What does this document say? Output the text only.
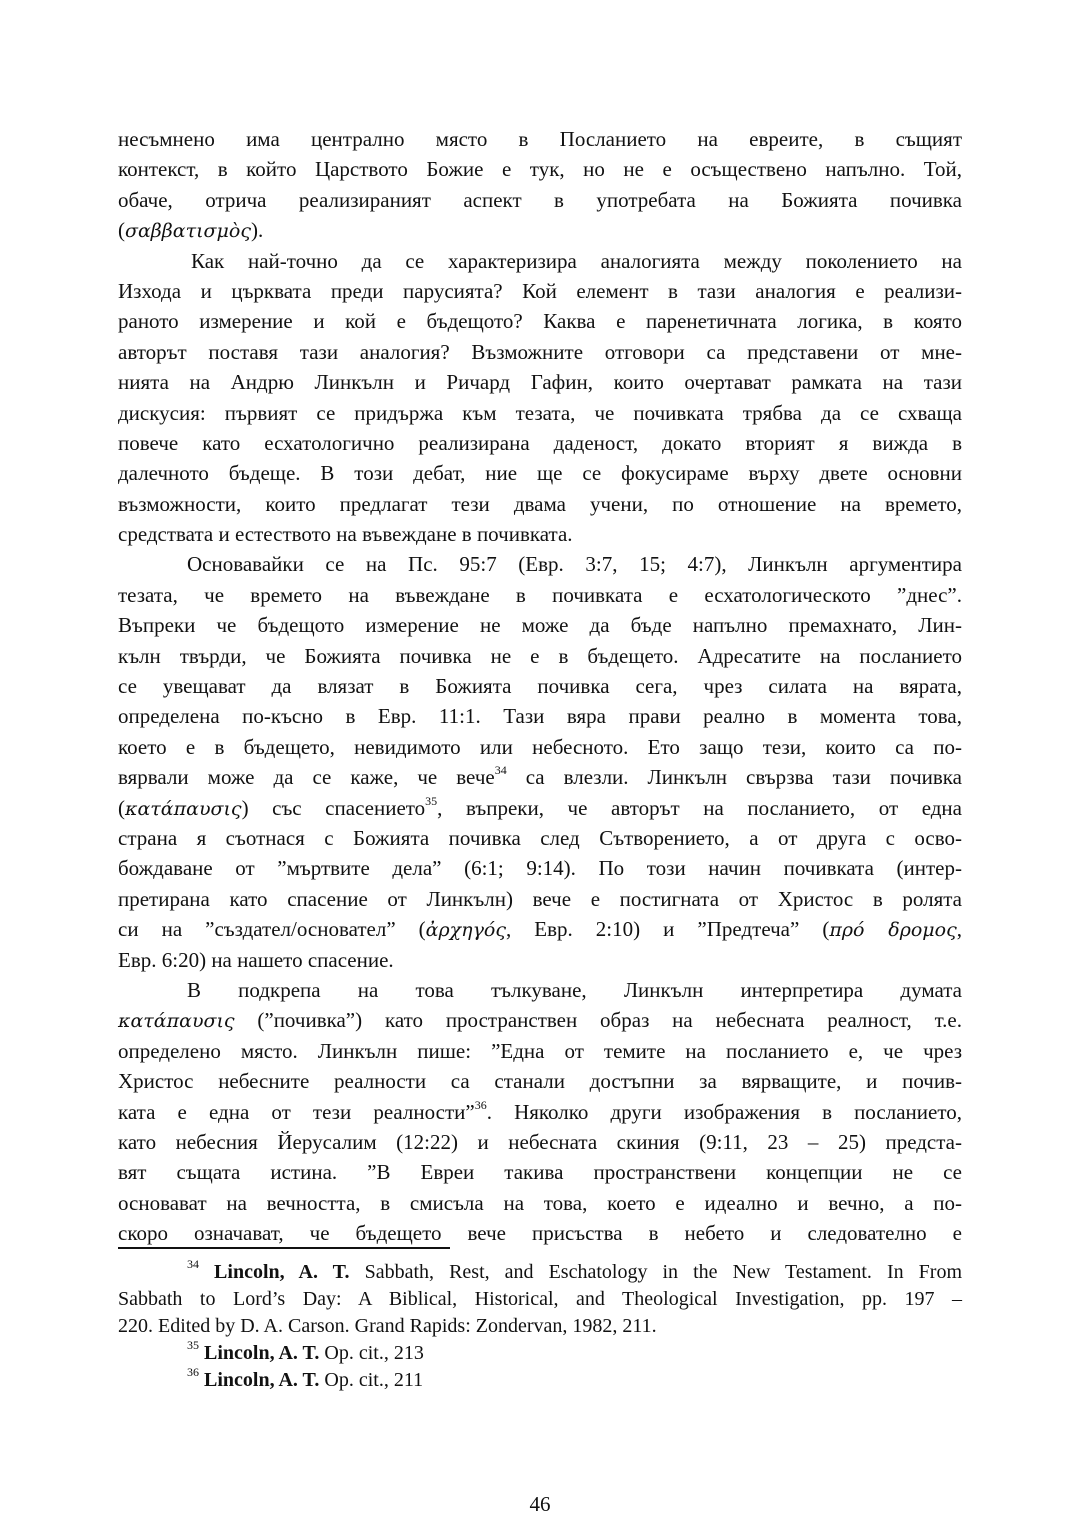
несъмнено има централно място в Посланието на евреите, в същият
контекст, в който Царството Божие е тук, но не е осъществено напълно. Той,
обаче, отрича реализираният аспект в употребата на Божията почивка
(σαββατισμὸς).
Как най-точно да се характеризира аналогията между поколението на
Изхода и църквата преди парусията? Кой елемент в тази аналогия е реализи-
раното измерение и кой е бъдещото? Каква е паренетичната логика, в която
авторът поставя тази аналогия? Възможните отговори са представени от мне-
нията на Андрю Линкълн и Ричард Гафин, които очертават рамката на тази
дискусия: първият се придържа към тезата, че почивката трябва да се схваща
повече като есхатологично реализирана даденост, докато вторият я вижда в
далечното бъдеще. В този дебат, ние ще се фокусираме върху двете основни
възможности, които предлагат тези двама учени, по отношение на времето,
средствата и естеството на въвеждане в почивката.
Основавайки се на Пс. 95:7 (Евр. 3:7, 15; 4:7), Линкълн аргументира
тезата, че времето на въвеждане в почивката е есхатологическото ”днес”.
Въпреки че бъдещото измерение не може да бъде напълно премахнато, Лин-
кълн твърди, че Божията почивка не е в бъдещето. Адресатите на посланието
се увещават да влязат в Божията почивка сега, чрез силата на вярата,
определена по-късно в Евр. 11:1. Тази вяра прави реално в момента това,
което е в бъдещето, невидимото или небесното. Ето защо тези, които са по-
вярвали може да се каже, че вече$^{34}$ са влезли. Линкълн свързва тази почивка
(κατάπαυσις) със спасението$^{35}$, въпреки, че авторът на посланието, от една
страна я съотнася с Божията почивка след Сътворението, а от друга с осво-
бождаване от ”мъртвите дела” (6:1; 9:14). По този начин почивката (интер-
претирана като спасение от Линкълн) вече е постигната от Христос в ролята
си на ”създател/основател” (ἀρχηγός, Евр. 2:10) и ”Предтеча” (πρό δρομος,
Евр. 6:20) на нашето спасение.
В подкрепа на това тълкуване, Линкълн интерпретира думата
κατάπαυσις (”почивка”) като пространствен образ на небесната реалност, т.е.
определено място. Линкълн пише: ”Една от темите на посланието е, че чрез
Христос небесните реалности са станали достъпни за вярващите, и почив-
ката е една от тези реалности”$^{36}$. Няколко други изображения в посланието,
като небесния Йерусалим (12:22) и небесната скиния (9:11, 23 – 25) предста-
вят същата истина. ”В Евреи такива пространствени концепции не се
основават на вечността, в смисъла на това, което е идеално и вечно, а по-
скоро означават, че бъдещето вече присъства в небето и следователно е
$^{34}$ Lincoln, A. T. Sabbath, Rest, and Eschatology in the New Testament. In From
Sabbath to Lord’s Day: A Biblical, Historical, and Theological Investigation, pp. 197 –
220. Edited by D. A. Carson. Grand Rapids: Zondervan, 1982, 211.
$^{35}$ Lincoln, A. T. Op. cit., 213
$^{36}$ Lincoln, A. T. Op. cit., 211
46
